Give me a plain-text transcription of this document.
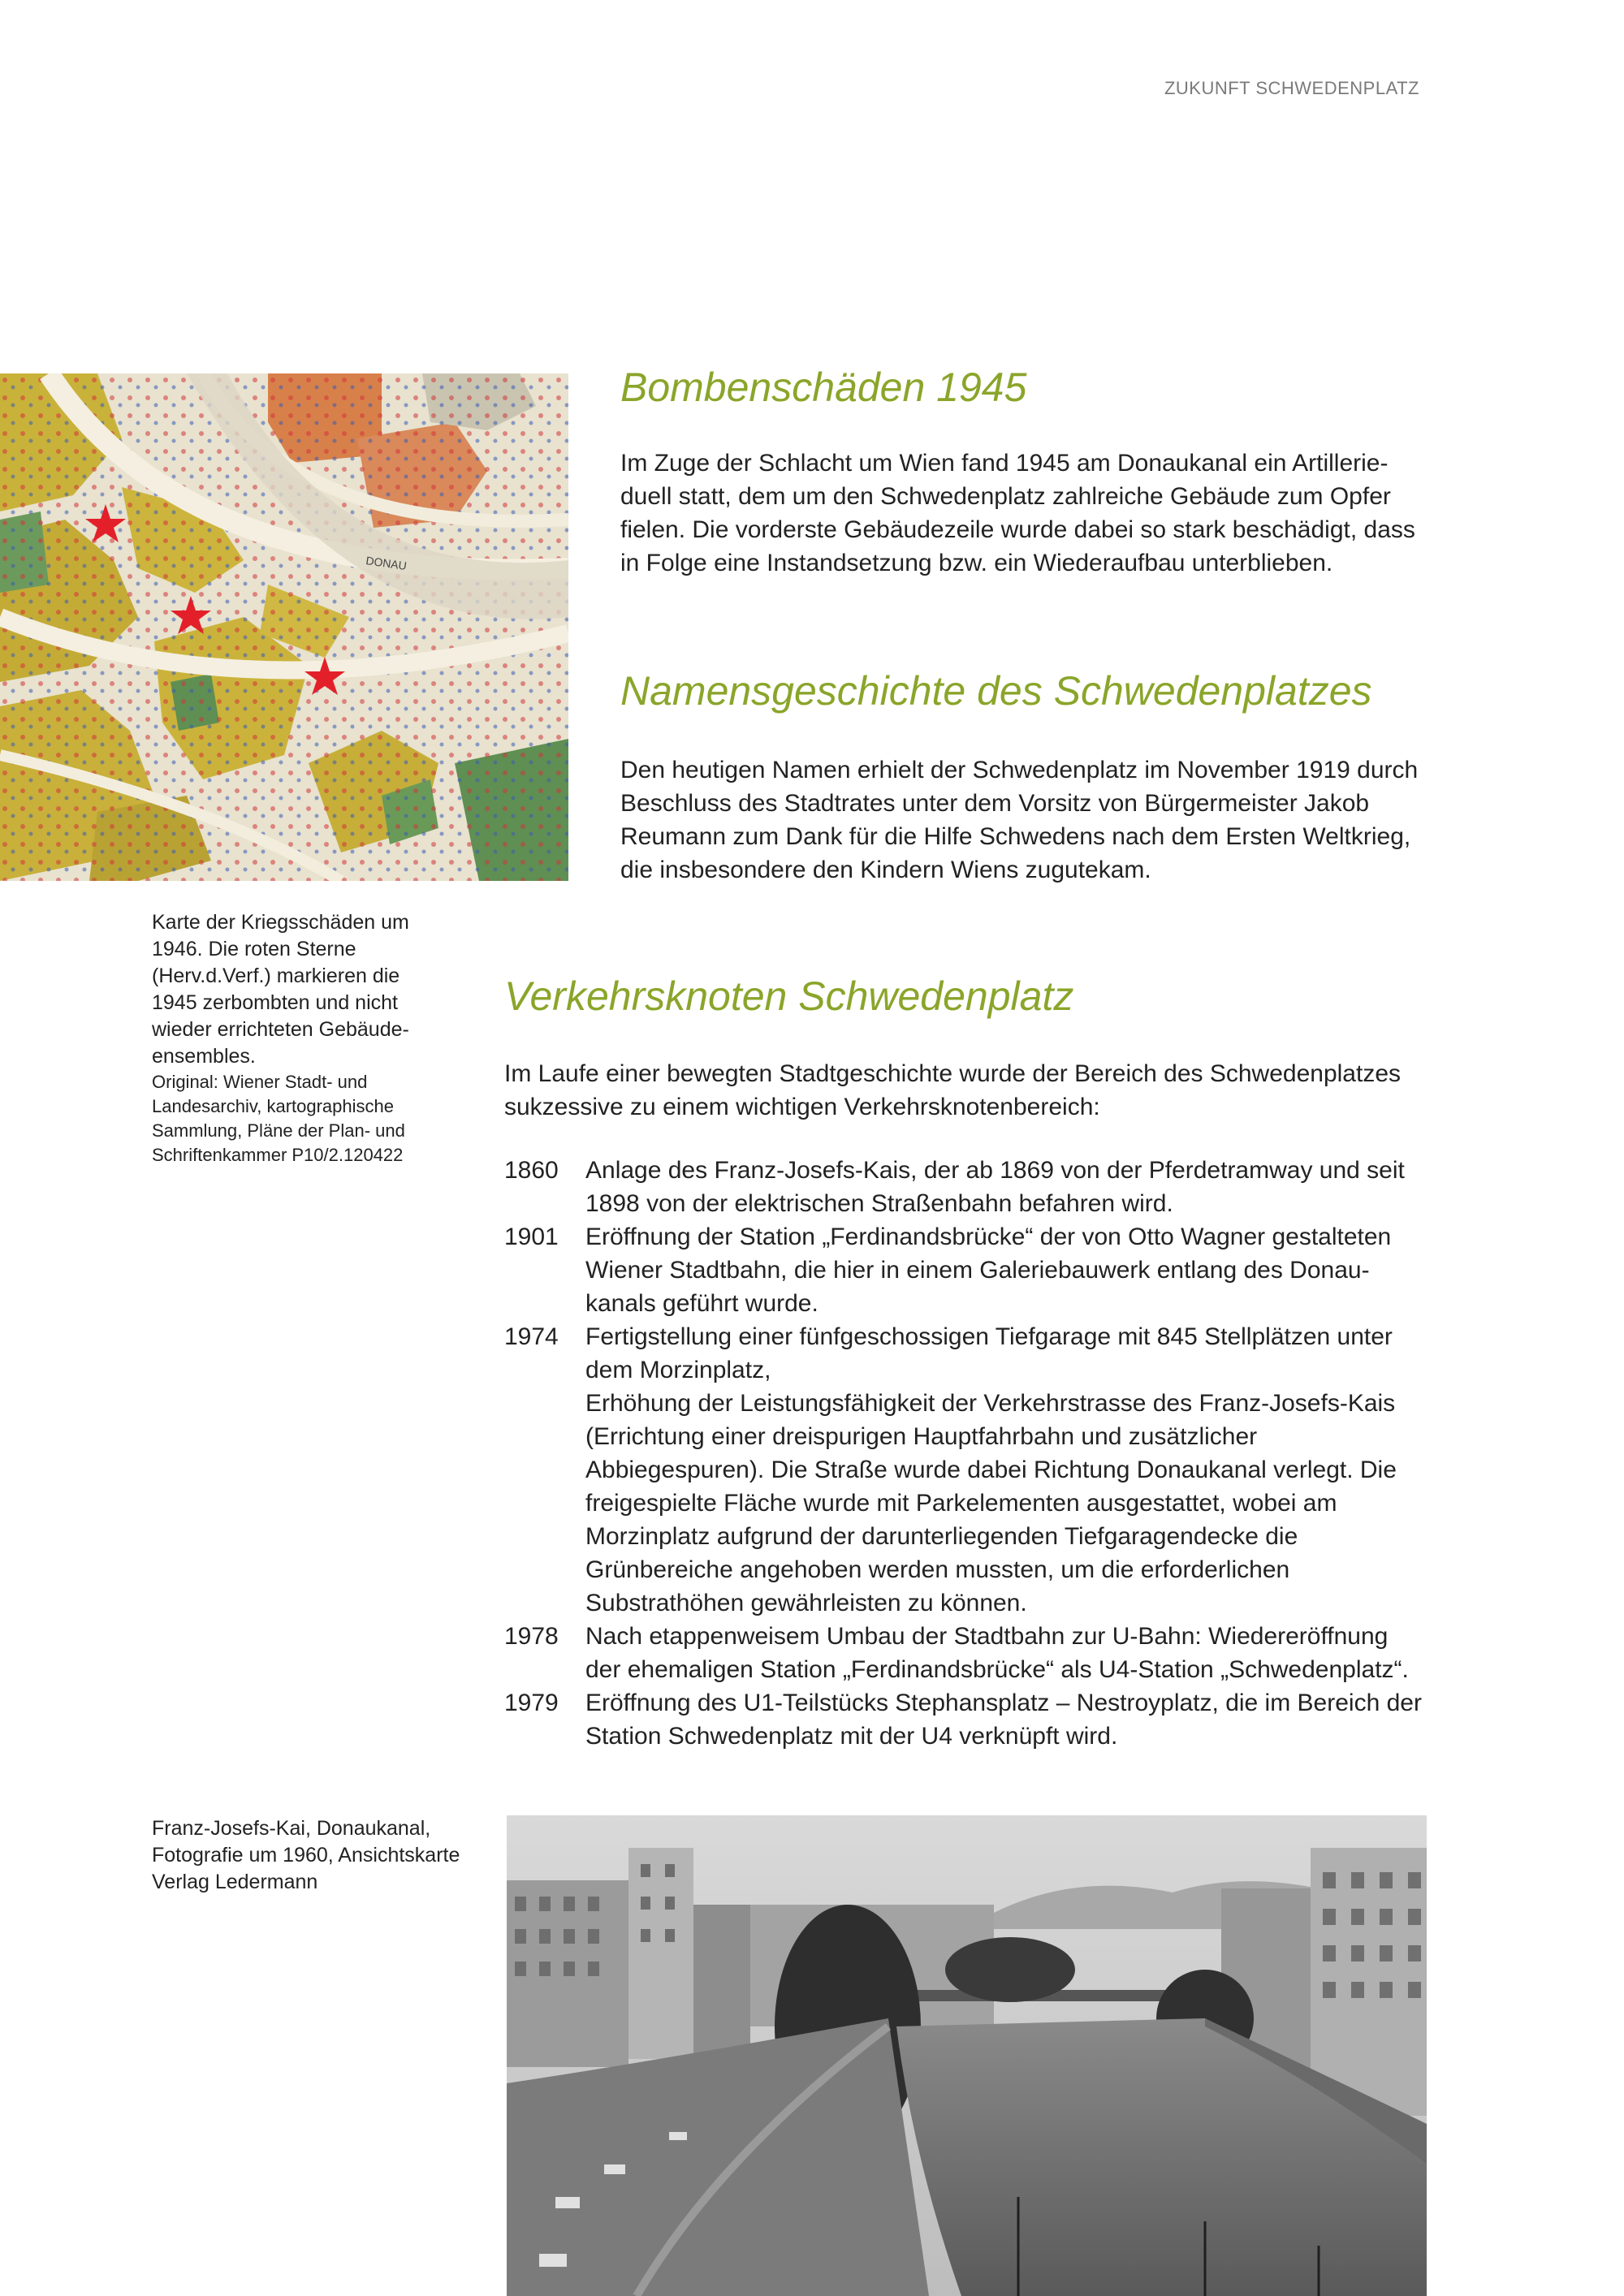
ZUKUNFT SCHWEDENPLATZ
DONAU
Bombenschäden 1945

Im Zuge der Schlacht um Wien fand 1945 am Donaukanal ein Artillerieduell statt, dem um den Schwedenplatz zahlreiche Gebäude zum Opfer fielen. Die vorderste Gebäudezeile wurde dabei so stark beschädigt, dass in Folge eine Instandsetzung bzw. ein Wiederaufbau unterblieben.

Namensgeschichte des Schwedenplatzes

Den heutigen Namen erhielt der Schwedenplatz im November 1919 durch Beschluss des Stadtrates unter dem Vorsitz von Bürgermeister Jakob Reumann zum Dank für die Hilfe Schwedens nach dem Ersten Weltkrieg, die insbesondere den Kindern Wiens zugutekam.

Karte der Kriegsschäden um 1946. Die roten Sterne (Herv.d.Verf.) markieren die 1945 zerbombten und nicht wieder errichteten Gebäudeensembles.
Original: Wiener Stadt- und Landesarchiv, kartographische Sammlung, Pläne der Plan- und Schriftenkammer P10/2.120422
Verkehrsknoten Schwedenplatz

Im Laufe einer bewegten Stadtgeschichte wurde der Bereich des Schwedenplatzes sukzessive zu einem wichtigen Verkehrsknotenbereich:

1860	Anlage des Franz-Josefs-Kais, der ab 1869 von der Pferdetramway und seit 1898 von der elektrischen Straßenbahn befahren wird.
1901	Eröffnung der Station „Ferdinandsbrücke“ der von Otto Wagner gestalteten Wiener Stadtbahn, die hier in einem Galeriebauwerk entlang des Donaukanals geführt wurde.
1974	Fertigstellung einer fünfgeschossigen Tiefgarage mit 845 Stellplätzen unter dem Morzinplatz,
Erhöhung der Leistungsfähigkeit der Verkehrstrasse des Franz-Josefs-Kais (Errichtung einer dreispurigen Hauptfahrbahn und zusätzlicher Abbiegespuren). Die Straße wurde dabei Richtung Donaukanal verlegt. Die freigespielte Fläche wurde mit Parkelementen ausgestattet, wobei am Morzinplatz aufgrund der darunterliegenden Tiefgaragendecke die Grünbereiche angehoben werden mussten, um die erforderlichen Substrathöhen gewährleisten zu können.
1978	Nach etappenweisem Umbau der Stadtbahn zur U-Bahn: Wiedereröffnung der ehemaligen Station „Ferdinandsbrücke“ als U4-Station „Schwedenplatz“.
1979	Eröffnung des U1-Teilstücks Stephansplatz – Nestroyplatz, die im Bereich der Station Schwedenplatz mit der U4 verknüpft wird.
Franz-Josefs-Kai, Donaukanal, Fotografie um 1960, Ansichtskarte Verlag Ledermann
